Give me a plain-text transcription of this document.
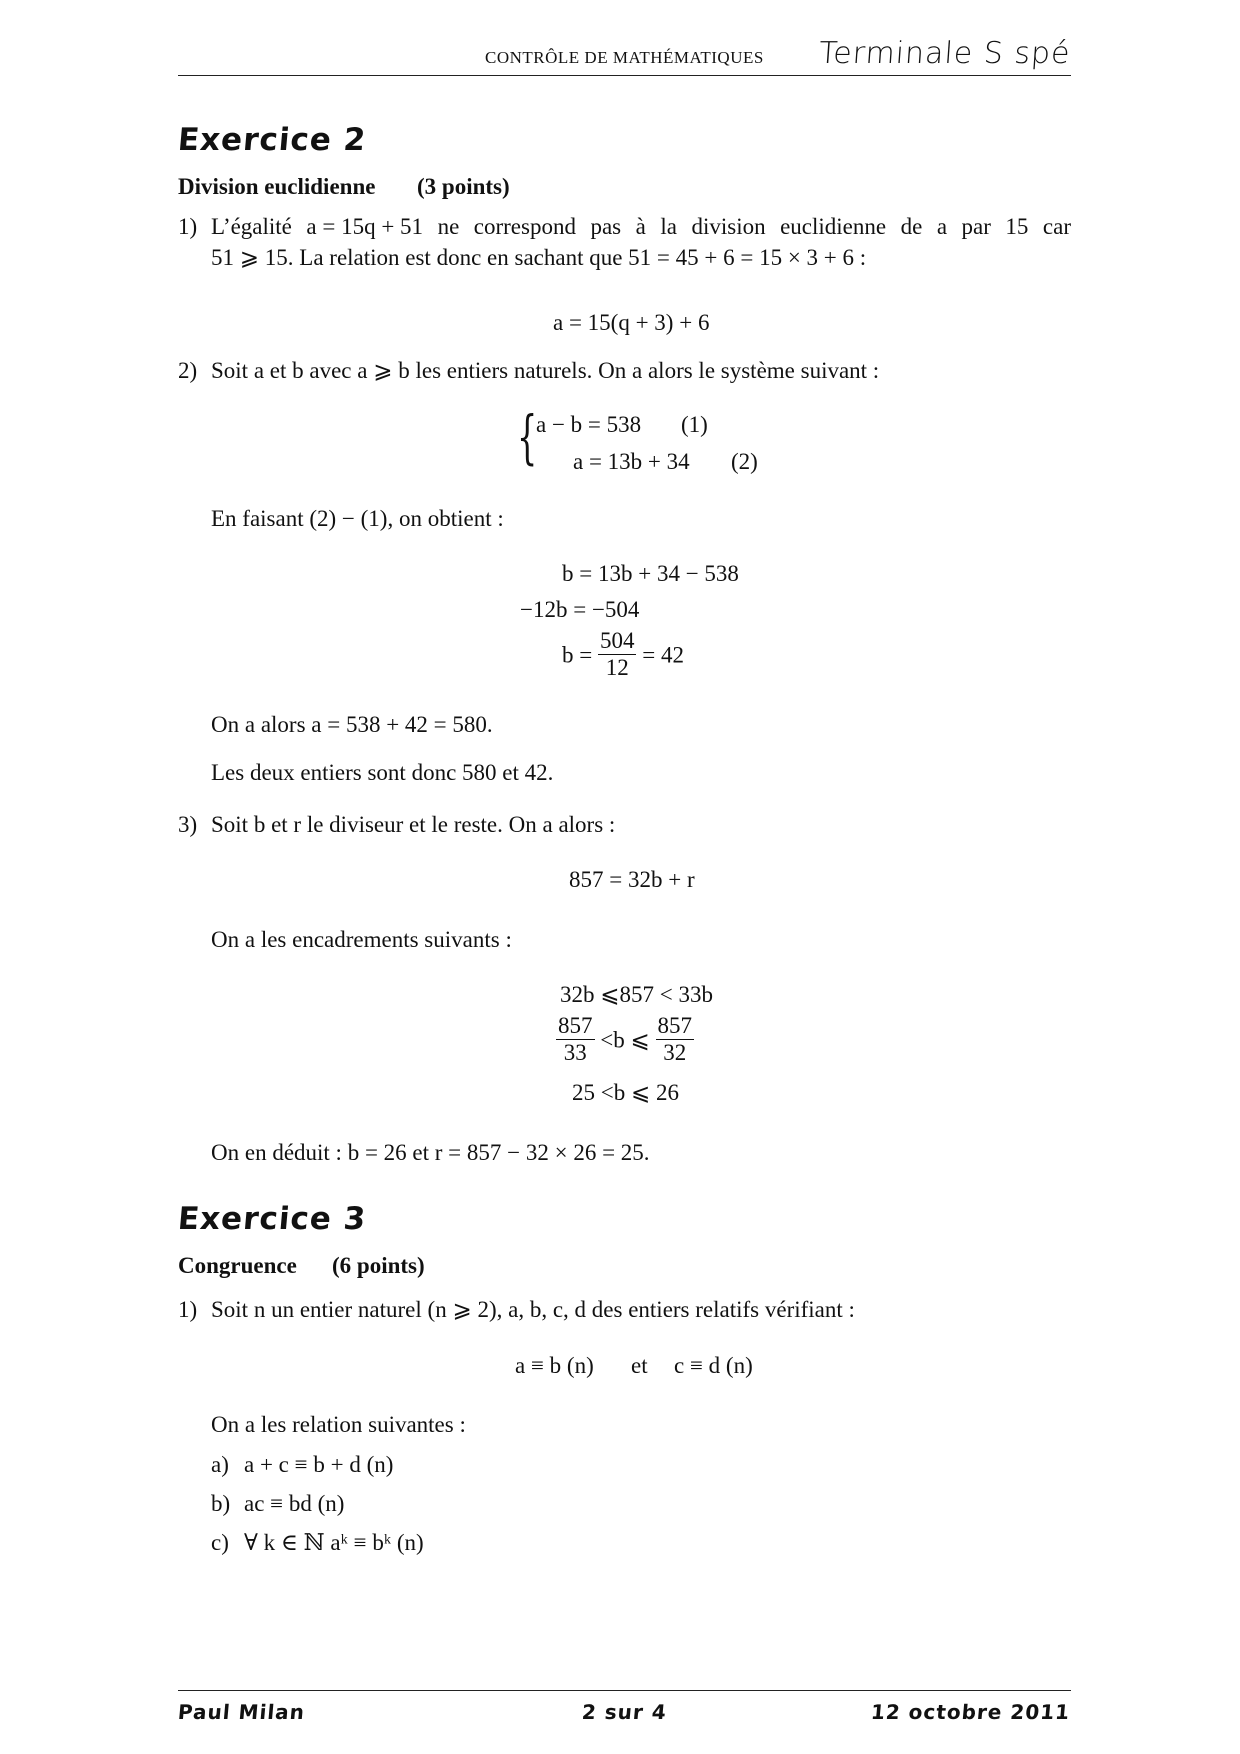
CONTRÔLE DE MATHÉMATIQUES Terminale S spé
Exercice 2
Division euclidienne (3 points)
1) L’égalité a = 15q + 51 ne correspond pas à la division euclidienne de a par 15 car
51 ⩾ 15. La relation est donc en sachant que 51 = 45 + 6 = 15 × 3 + 6 :
a = 15(q + 3) + 6
2) Soit a et b avec a ⩾ b les entiers naturels. On a alors le système suivant :
{
a − b = 538 (1)
a = 13b + 34 (2)
En faisant (2) − (1), on obtient :
b = 13b + 34 − 538
−12b = −504
$b = \frac{504}{12} = 42$
On a alors a = 538 + 42 = 580.
Les deux entiers sont donc 580 et 42.
3) Soit b et r le diviseur et le reste. On a alors :
857 = 32b + r
On a les encadrements suivants :
32b ⩽857 < 33b
$\frac{857}{33} <b$ ⩽ $\frac{857}{32}$
25 <b ⩽ 26
On en déduit : b = 26 et r = 857 − 32 × 26 = 25.
Exercice 3
Congruence (6 points)
1) Soit n un entier naturel (n ⩾ 2), a, b, c, d des entiers relatifs vérifiant :
a ≡ b (n) et c ≡ d (n)
On a les relation suivantes :
a) a + c ≡ b + d (n)
b) ac ≡ bd (n)
c) ∀ k ∈ ℕ aᵏ ≡ bᵏ (n)
Paul Milan	2 sur 4	12 octobre 2011
